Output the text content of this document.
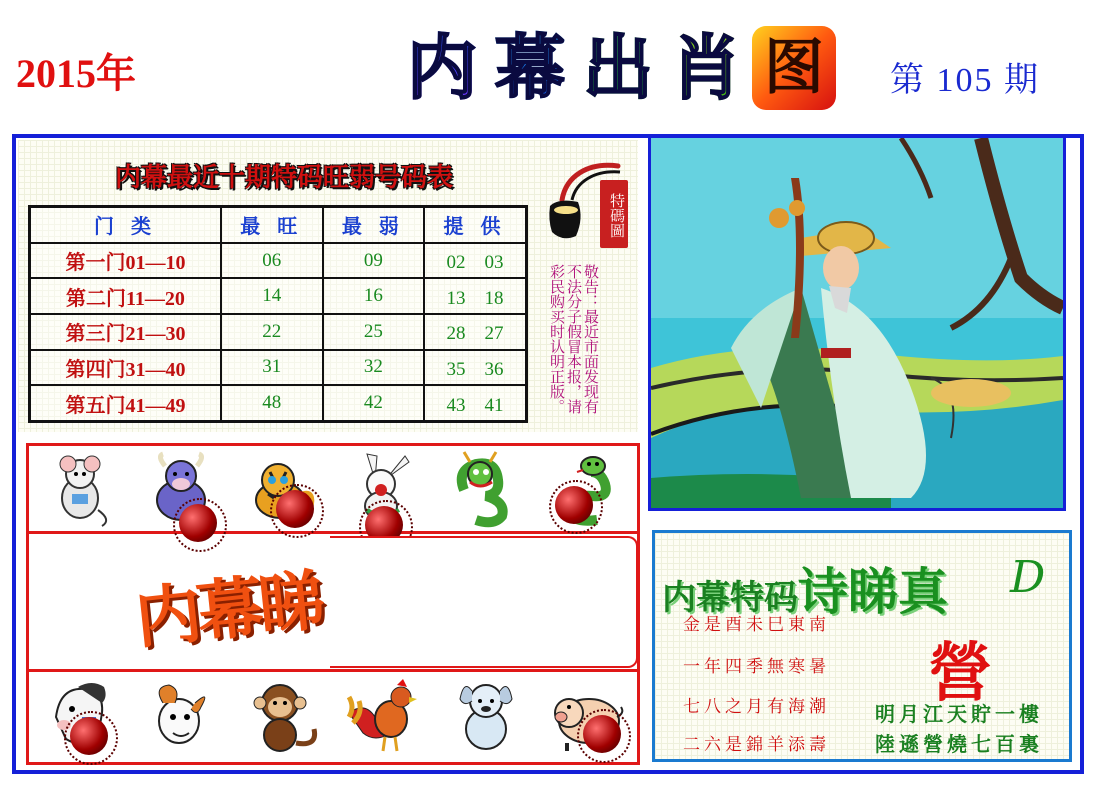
2015年	内 幕 出 肖 图	第 105 期
内幕最近十期特码旺弱号码表
门 类	最 旺	最 弱	提 供
第一门01—10	06	09	02　03
第二门11—20	14	16	13　18
第三门21—30	22	25	28　27
第四门31—40	31	32	35　36
第五门41—49	48	42	43　41
特碼圖
敬告：最近市面发现有不法分子假冒本报，请彩民购买时认明正版。
内幕睇	内幕特码诗睇真 D
金是酉未巳東南
一年四季無寒暑
七八之月有海潮
二六是錦羊添壽
營
明月江天貯一樓
陸遜營燒七百裏
